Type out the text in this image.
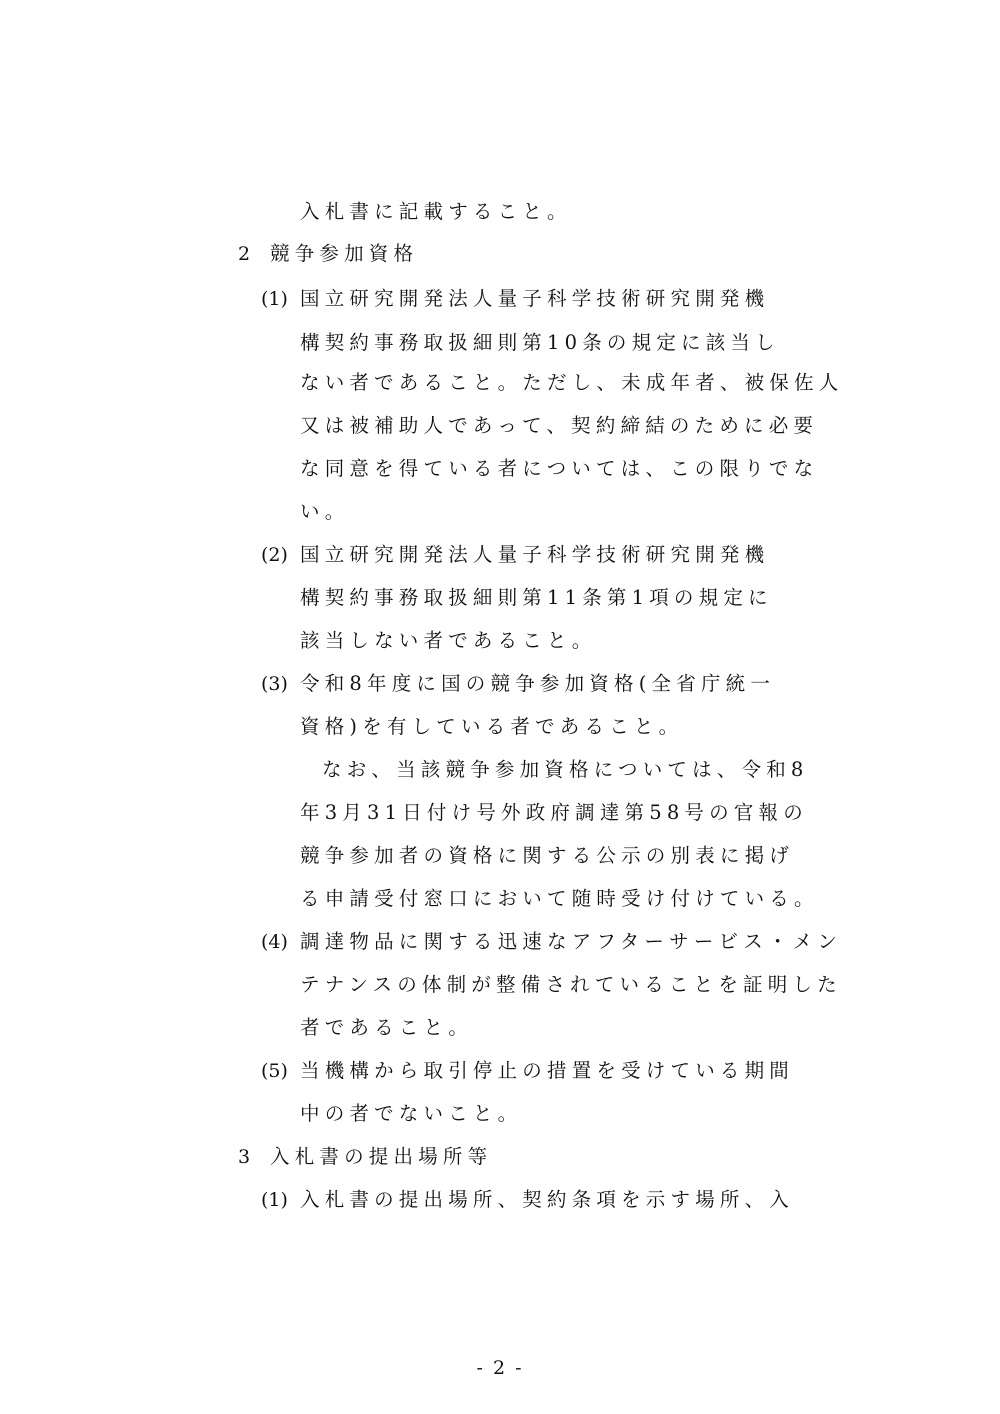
入札書に記載すること。
2 競争参加資格
(1) 国立研究開発法人量子科学技術研究開発機
構契約事務取扱細則第10条の規定に該当し
ない者であること。ただし、未成年者、被保佐人
又は被補助人であって、契約締結のために必要
な同意を得ている者については、この限りでな
い。
(2) 国立研究開発法人量子科学技術研究開発機
構契約事務取扱細則第11条第1項の規定に
該当しない者であること。
(3) 令和8年度に国の競争参加資格(全省庁統一
資格)を有している者であること。
なお、当該競争参加資格については、令和8
年3月31日付け号外政府調達第58号の官報の
競争参加者の資格に関する公示の別表に掲げ
る申請受付窓口において随時受け付けている。
(4) 調達物品に関する迅速なアフターサービス・メン
テナンスの体制が整備されていることを証明した
者であること。
(5) 当機構から取引停止の措置を受けている期間
中の者でないこと。
3 入札書の提出場所等
(1) 入札書の提出場所、契約条項を示す場所、入
- 2 -
